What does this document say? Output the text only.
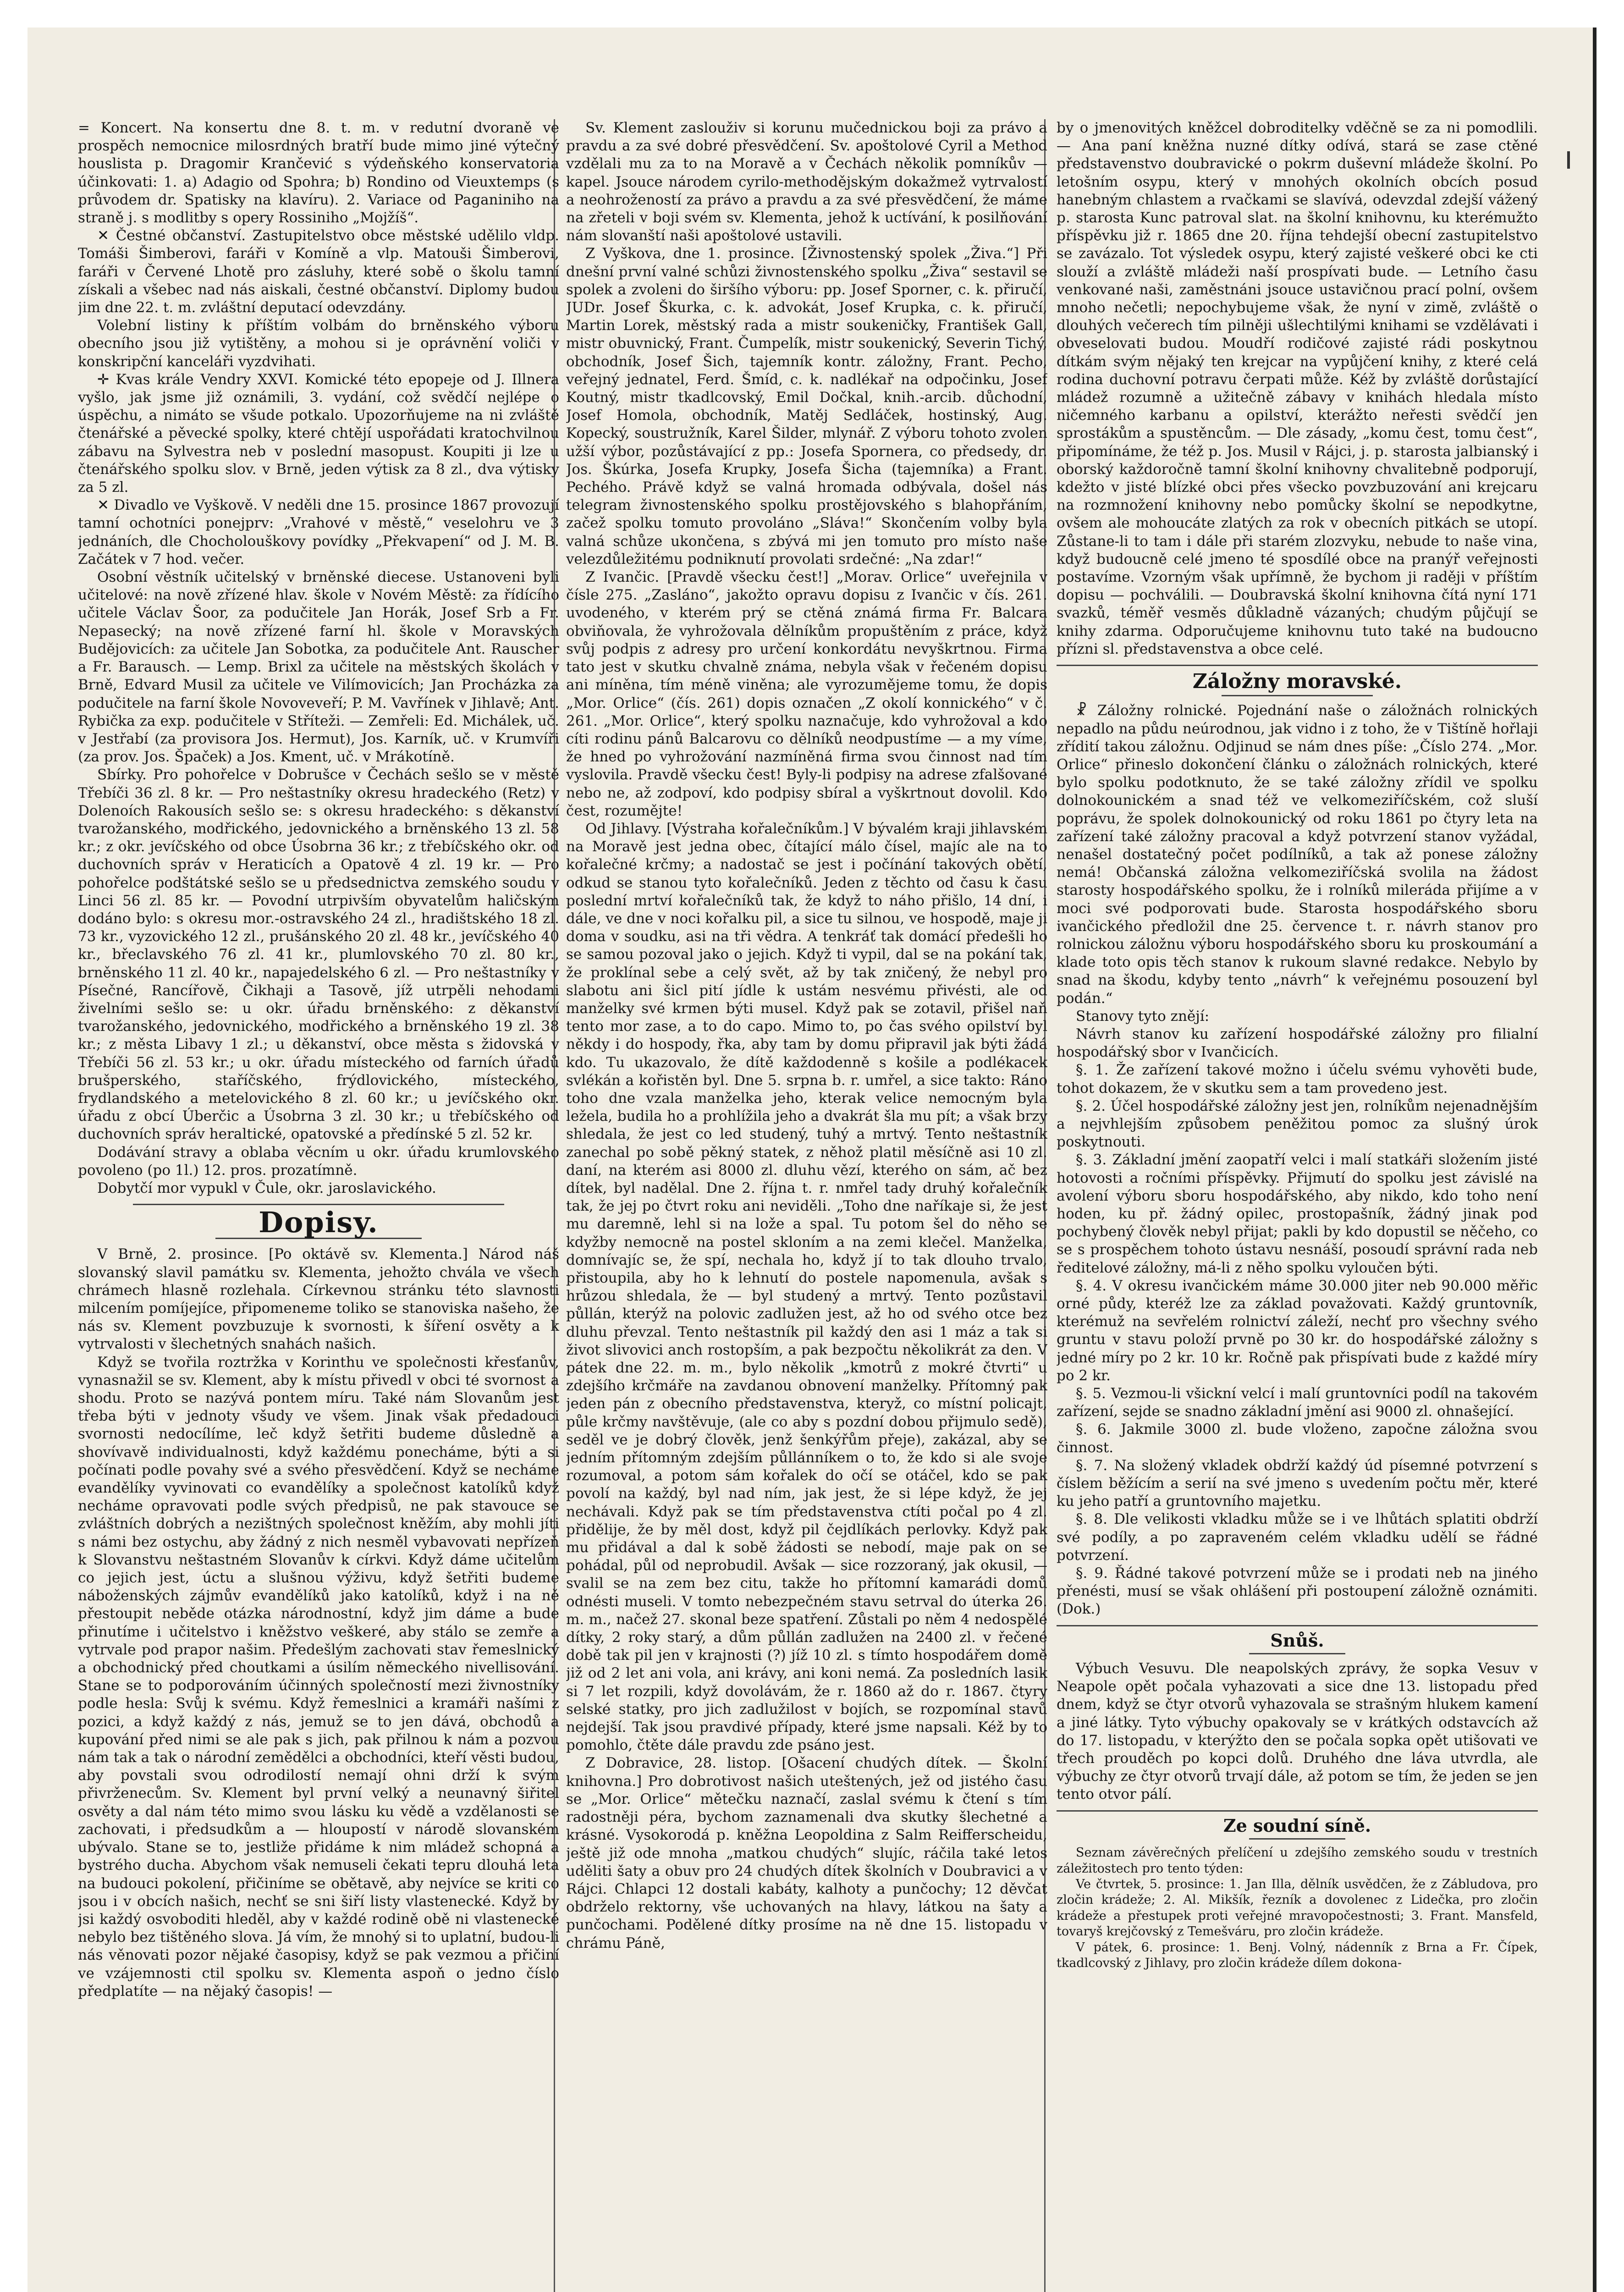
= Koncert. Na konsertu dne 8. t. m. v redutní dvoraně ve prospěch nemocnice milosrdných bratří bude mimo jiné výtečný houslista p. Dragomir Krančević s výdeňského konservatoria účinkovati: 1. a) Adagio od Spohra; b) Rondino od Vieuxtemps (s průvodem dr. Spatisky na klavíru). 2. Variace od Paganiniho na straně j. s modlitby s opery Rossiniho „Mojžíš“.

✕ Čestné občanství. Zastupitelstvo obce městské udělilo vldp. Tomáši Šimberovi, faráři v Komíně a vlp. Matouši Šimberovi, faráři v Červené Lhotě pro zásluhy, které sobě o školu tamní získali a všebec nad nás aiskali, čestné občanství. Diplomy budou jim dne 22. t. m. zvláštní deputací odevzdány.

Volební listiny k příštím volbám do brněnského výboru obecního jsou již vytištěny, a mohou si je oprávnění voliči v konskripční kanceláři vyzdvihati.

✛ Kvas krále Vendry XXVI. Komické této epopeje od J. Illnera vyšlo, jak jsme již oznámili, 3. vydání, což svědčí nejlépe o úspěchu, a nimáto se všude potkalo. Upozorňujeme na ni zvláště čtenářské a pěvecké spolky, které chtějí uspořádati kratochvilnou zábavu na Sylvestra neb v poslední masopust. Koupiti ji lze u čtenářského spolku slov. v Brně, jeden výtisk za 8 zl., dva výtisky za 5 zl.

✕ Divadlo ve Vyškově. V neděli dne 15. prosince 1867 provozují tamní ochotníci ponejprv: „Vrahové v městě,“ veselohru ve 3 jednáních, dle Chocholouškovy povídky „Překvapení“ od J. M. B. Začátek v 7 hod. večer.

Osobní věstník učitelský v brněnské diecese. Ustanoveni byli učitelové: na nově zřízené hlav. škole v Novém Městě: za řídícího učitele Václav Šoor, za podučitele Jan Horák, Josef Srb a Fr. Nepasecký; na nově zřízené farní hl. škole v Moravských Budějovicích: za učitele Jan Sobotka, za podučitele Ant. Rauscher a Fr. Barausch. — Lemp. Brixl za učitele na městských školách v Brně, Edvard Musil za učitele ve Vilímovicích; Jan Procházka za podučitele na farní škole Novoveveří; P. M. Vavřínek v Jihlavě; Ant. Rybička za exp. podučitele v Stříteži. — Zemřeli: Ed. Michálek, uč. v Jestřabí (za provisora Jos. Hermut), Jos. Karník, uč. v Krumvíři (za prov. Jos. Špaček) a Jos. Kment, uč. v Mrákotíně.

Sbírky. Pro pohořelce v Dobrušce v Čechách sešlo se v městě Třebíči 36 zl. 8 kr. — Pro neštastníky okresu hradeckého (Retz) v Dolenoích Rakousích sešlo se: s okresu hradeckého: s děkanství tvarožanského, modřického, jedovnického a brněnského 13 zl. 58 kr.; z okr. jevíčského od obce Úsobrna 36 kr.; z třebíčského okr. od duchovních správ v Heraticích a Opatově 4 zl. 19 kr. — Pro pohořelce podštátské sešlo se u předsednictva zemského soudu v Linci 56 zl. 85 kr. — Povodní utrpivším obyvatelům haličským dodáno bylo: s okresu mor.-ostravského 24 zl., hradištského 18 zl. 73 kr., vyzovického 12 zl., prušánského 20 zl. 48 kr., jevíčského 40 kr., břeclavského 76 zl. 41 kr., plumlovského 70 zl. 80 kr., brněnského 11 zl. 40 kr., napajedelského 6 zl. — Pro neštastníky v Písečné, Rancířově, Čikhaji a Tasově, jíž utrpěli nehodami živelními sešlo se: u okr. úřadu brněnského: z děkanství tvarožanského, jedovnického, modřického a brněnského 19 zl. 38 kr.; z města Libavy 1 zl.; u děkanství, obce města s židovská v Třebíči 56 zl. 53 kr.; u okr. úřadu místeckého od farních úřadů brušperského, staříčského, frýdlovického, místeckého, frydlandského a metelovického 8 zl. 60 kr.; u jevíčského okr. úřadu z obcí Úberčic a Úsobrna 3 zl. 30 kr.; u třebíčského od duchovních správ heraltické, opatovské a předínské 5 zl. 52 kr.

Dodávání stravy a oblaba věcním u okr. úřadu krumlovského povoleno (po 1l.) 12. pros. prozatímně.

Dobytčí mor vypukl v Čule, okr. jaroslavického.

Dopisy.

V Brně, 2. prosince. [Po oktávě sv. Klementa.] Národ náš slovanský slavil památku sv. Klementa, jehožto chvála ve všech chrámech hlasně rozlehala. Církevnou stránku této slavnosti milcením pomíjejíce, připomeneme toliko se stanoviska našeho, že nás sv. Klement povzbuzuje k svornosti, k šíření osvěty a k vytrvalosti v šlechetných snahách našich.

Když se tvořila roztržka v Korinthu ve společnosti křesťanův, vynasnažil se sv. Klement, aby k místu přivedl v obci té svornost a shodu. Proto se nazývá pontem míru. Také nám Slovanům jest třeba býti v jednoty všudy ve všem. Jinak však předadouci svornosti nedocílíme, leč když šetřiti budeme důsledně a shovívavě individualnosti, když každému ponecháme, býti a si počínati podle povahy své a svého přesvědčení. Když se necháme evandělíky vyvinovati co evandělíky a společnost katolíků když necháme opravovati podle svých předpisů, ne pak stavouce se zvláštních dobrých a nezištných společnost kněžím, aby mohli jíti s námi bez ostychu, aby žádný z nich nesměl vybavovati nepřízeň k Slovanstvu neštastném Slovanův k církvi. Když dáme učitelům co jejich jest, úctu a slušnou výživu, když šetřiti budeme náboženských zájmův evandělíků jako katolíků, když i na ně přestoupit neběde otázka národnostní, když jim dáme a bude přinutíme i učitelstvo i kněžstvo veškeré, aby stálo se zemře a vytrvale pod prapor našim. Předešlým zachovati stav řemeslnický a obchodnický před choutkami a úsilím německého nivellisování. Stane se to podporováním účinných společností mezi živnostníky podle hesla: Svůj k svému. Když řemeslnici a kramáři našími z pozici, a když každý z nás, jemuž se to jen dává, obchodů a kupování před nimi se ale pak s jich, pak přilnou k nám a pozvou nám tak a tak o národní zemědělci a obchodníci, kteří věsti budou, aby povstali svou odrodilostí nemají ohni drží k svým přivrženecům. Sv. Klement byl první velký a neunavný šiřitel osvěty a dal nám této mimo svou lásku ku vědě a vzdělanosti se zachovati, i předsudkům a — hloupostí v národě slovanském ubývalo. Stane se to, jestliže přidáme k nim mládež schopná a bystrého ducha. Abychom však nemuseli čekati tepru dlouhá leta na budouci pokolení, přičiníme se obětavě, aby nejvíce se kriti co jsou i v obcích našich, nechť se sni šiří listy vlastenecké. Když by jsi každý osvoboditi hleděl, aby v každé rodině obě ni vlastenecké nebylo bez tištěného slova. Já vím, že mnohý si to uplatní, budou-li nás věnovati pozor nějaké časopisy, když se pak vezmou a přičiní ve vzájemnosti ctil spolku sv. Klementa aspoň o jedno číslo předplatíte — na nějaký časopis! —

Sv. Klement zaslouživ si korunu mučednickou boji za právo a pravdu a za své dobré přesvědčení. Sv. apoštolové Cyril a Method vzdělali mu za to na Moravě a v Čechách několik pomníkův — kapel. Jsouce národem cyrilo-methodějským dokažmež vytrvalostí a neohrožeností za právo a pravdu a za své přesvědčení, že máme na zřeteli v boji svém sv. Klementa, jehož k uctívání, k posilňování nám slovanští naši apoštolové ustavili.

Z Vyškova, dne 1. prosince. [Živnostenský spolek „Živa.“] Při dnešní první valné schůzi živnostenského spolku „Živa“ sestavil se spolek a zvoleni do širšího výboru: pp. Josef Sporner, c. k. přiručí, JUDr. Josef Škurka, c. k. advokát, Josef Krupka, c. k. přiručí, Martin Lorek, městský rada a mistr soukeničky, František Gall, mistr obuvnický, Frant. Čumpelík, mistr soukenický, Severin Tichý, obchodník, Josef Šich, tajemník kontr. záložny, Frant. Pecho, veřejný jednatel, Ferd. Šmíd, c. k. nadlékař na odpočinku, Josef Koutný, mistr tkadlcovský, Emil Dočkal, knih.-arcib. důchodní, Josef Homola, obchodník, Matěj Sedláček, hostinský, Aug. Kopecký, soustružník, Karel Šilder, mlynář. Z výboru tohoto zvolen užší výbor, pozůstávající z pp.: Josefa Spornera, co předsedy, dr. Jos. Škúrka, Josefa Krupky, Josefa Šicha (tajemníka) a Frant. Pechého. Právě když se valná hromada odbývala, došel nás telegram živnostenského spolku prostějovského s blahopřáním, začež spolku tomuto provoláno „Sláva!“ Skončením volby byla valná schůze ukončena, s zbývá mi jen tomuto pro místo naše velezdůležitému podniknutí provolati srdečné: „Na zdar!“

Z Ivančic. [Pravdě všecku čest!] „Morav. Orlice“ uveřejnila v čísle 275. „Zasláno“, jakožto opravu dopisu z Ivančic v čís. 261. uvodeného, v kterém prý se ctěná známá firma Fr. Balcara obviňovala, že vyhrožovala dělníkům propuštěním z práce, když svůj podpis z adresy pro určení konkordátu nevyškrtnou. Firma tato jest v skutku chvalně známa, nebyla však v řečeném dopisu ani míněna, tím méně viněna; ale vyrozumějeme tomu, že dopis „Mor. Orlice“ (čís. 261) dopis označen „Z okolí konnického“ v č. 261. „Mor. Orlice“, který spolku naznačuje, kdo vyhrožoval a kdo cíti rodinu pánů Balcarovu co dělníků neodpustíme — a my víme, že hned po vyhrožování nazmíněná firma svou činnost nad tím vyslovila. Pravdě všecku čest! Byly-li podpisy na adrese zfalšované nebo ne, až zodpoví, kdo podpisy sbíral a vyškrtnout dovolil. Kdo čest, rozumějte!

Od Jihlavy. [Výstraha kořalečníkům.] V bývalém kraji jihlavském na Moravě jest jedna obec, čítající málo čísel, majíc ale na to kořalečné krčmy; a nadostač se jest i počínání takových obětí, odkud se stanou tyto kořalečníků. Jeden z těchto od času k času poslední mrtví kořalečníků tak, že když to náho přišlo, 14 dní, i dále, ve dne v noci kořalku pil, a sice tu silnou, ve hospodě, maje ji doma v soudku, asi na tři vědra. A tenkráť tak domácí předešli ho se samou pozoval jako o jejich. Když ti vypil, dal se na pokání tak, že proklínal sebe a celý svět, až by tak zničený, že nebyl pro slabotu ani šicl pití jídle k ustám nesvému přivésti, ale od manželky své krmen býti musel. Když pak se zotavil, přišel naň tento mor zase, a to do capo. Mimo to, po čas svého opilství byl někdy i do hospody, řka, aby tam by domu připravil jak býti žádá kdo. Tu ukazovalo, že dítě každodenně s košile a podlékacek svlékán a kořistěn byl. Dne 5. srpna b. r. umřel, a sice takto: Ráno toho dne vzala manželka jeho, kterak velice nemocným byla ležela, budila ho a prohlížila jeho a dvakrát šla mu pít; a však brzy shledala, že jest co led studený, tuhý a mrtvý. Tento neštastník zanechal po sobě pěkný statek, z něhož platil měsíčně asi 10 zl. daní, na kterém asi 8000 zl. dluhu vězí, kterého on sám, ač bez dítek, byl nadělal. Dne 2. října t. r. nmřel tady druhý kořalečník tak, že jej po čtvrt roku ani neviděli. „Toho dne naříkaje si, že jest mu daremně, lehl si na lože a spal. Tu potom šel do něho se kdyžby nemocně na postel skloním a na zemi klečel. Manželka, domnívajíc se, že spí, nechala ho, když jí to tak dlouho trvalo, přistoupila, aby ho k lehnutí do postele napomenula, avšak s hrůzou shledala, že — byl studený a mrtvý. Tento pozůstavil půllán, kterýž na polovic zadlužen jest, až ho od svého otce bez dluhu převzal. Tento neštastník pil každý den asi 1 máz a tak si život slivovici anch rostopším, a pak bezpočtu několikrát za den. V pátek dne 22. m. m., bylo několik „kmotrů z mokré čtvrti“ u zdejšího krčmáře na zavdanou obnovení manželky. Přítomný pak jeden pán z obecního představenstva, kteryž, co místní policajt, půle krčmy navštěvuje, (ale co aby s pozdní dobou přijmulo sedě), seděl ve je dobrý člověk, jenž šenkýřům přeje), zakázal, aby se jedním přítomným zdejším půllánníkem o to, že kdo si ale svoje rozumoval, a potom sám kořalek do očí se otáčel, kdo se pak povolí na každý, byl nad ním, jak jest, že si lépe když, že jej nechávali. Když pak se tím představenstva ctíti počal po 4 zl. přidělije, že by měl dost, když pil čejdlíkách perlovky. Když pak mu přidával a dal k sobě žádosti se nebodí, maje pak on se pohádal, půl od neprobudil. Avšak — sice rozzoraný, jak okusil, — svalil se na zem bez citu, takže ho přítomní kamarádi domů odnésti museli. V tomto nebezpečném stavu setrval do úterka 26. m. m., načež 27. skonal beze spatření. Zůstali po něm 4 nedospělé dítky, 2 roky starý, a dům půllán zadlužen na 2400 zl. v řečené době tak pil jen v krajnosti (?) jíž 10 zl. s tímto hospodářem domě již od 2 let ani vola, ani krávy, ani koni nemá. Za posledních lasik si 7 let rozpili, když dovolávám, že r. 1860 až do r. 1867. čtyry selské statky, pro jich zadlužilost v bojích, se rozpomínal stavů nejdejší. Tak jsou pravdivé případy, které jsme napsali. Kéž by to pomohlo, čtěte dále pravdu zde psáno jest.

Z Dobravice, 28. listop. [Ošacení chudých dítek. — Školní knihovna.] Pro dobrotivost našich uteštených, jež od jistého času se „Mor. Orlice“ mětečku naznačí, zaslal svému k čtení s tím radostněji péra, bychom zaznamenali dva skutky šlechetné a krásné. Vysokorodá p. kněžna Leopoldina z Salm Reifferscheidu, ještě již ode mnoha „matkou chudých“ slujíc, ráčila také letos uděliti šaty a obuv pro 24 chudých dítek školních v Doubravici a v Rájci. Chlapci 12 dostali kabáty, kalhoty a punčochy; 12 děvčat obdrželo rektorny, vše uchovaných na hlavy, látkou na šaty a punčochami. Podělené dítky prosíme na ně dne 15. listopadu v chrámu Páně,

by o jmenovitých kněžcel dobroditelky vděčně se za ni pomodlili. — Ana paní kněžna nuzné dítky odívá, stará se zase ctěné představenstvo doubravické o pokrm duševní mládeže školní. Po letošním osypu, který v mnohých okolních obcích posud hanebným chlastem a rvačkami se slavívá, odevzdal zdejší vážený p. starosta Kunc patroval slat. na školní knihovnu, ku kterémužto příspěvku již r. 1865 dne 20. října tehdejší obecní zastupitelstvo se zavázalo. Tot výsledek osypu, který zajisté veškeré obci ke cti slouží a zvláště mládeži naší prospívati bude. — Letního času venkované naši, zaměstnáni jsouce ustavičnou prací polní, ovšem mnoho nečetli; nepochybujeme však, že nyní v zimě, zvláště o dlouhých večerech tím pilněji ušlechtilými knihami se vzdělávati i obveselovati budou. Moudří rodičové zajisté rádi poskytnou dítkám svým nějaký ten krejcar na vypůjčení knihy, z které celá rodina duchovní potravu čerpati může. Kéž by zvláště dorůstající mládež rozumně a užitečně zábavy v knihách hledala místo ničemného karbanu a opilství, kterážto neřesti svědčí jen sprostákům a spustěncům. — Dle zásady, „komu čest, tomu čest“, připomínáme, že též p. Jos. Musil v Rájci, j. p. starosta jalbianský i oborský každoročně tamní školní knihovny chvalitebně podporují, kdežto v jisté blízké obci přes všecko povzbuzování ani krejcaru na rozmnožení knihovny nebo pomůcky školní se nepodkytne, ovšem ale mohoucáte zlatých za rok v obecních pitkách se utopí. Zůstane-li to tam i dále při starém zlozvyku, nebude to naše vina, když budoucně celé jmeno té sposdílé obce na pranýř veřejnosti postavíme. Vzorným však upřímně, že bychom ji raději v příštím dopisu — pochválili. — Doubravská školní knihovna čítá nyní 171 svazků, téměř vesměs důkladně vázaných; chudým půjčují se knihy zdarma. Odporučujeme knihovnu tuto také na budoucno přízni sl. představenstva a obce celé.

Záložny moravské.

☧ Záložny rolnické. Pojednání naše o záložnách rolnických nepadlo na půdu neúrodnou, jak vidno i z toho, že v Tištíně hořlaji zřídití takou záložnu. Odjinud se nám dnes píše: „Číslo 274. „Mor. Orlice“ přineslo dokončení článku o záložnách rolnických, které bylo spolku podotknuto, že se také záložny zřídil ve spolku dolnokounickém a snad též ve velkomeziříčském, což sluší poprávu, že spolek dolnokounický od roku 1861 po čtyry leta na zařízení také záložny pracoval a když potvrzení stanov vyžádal, nenašel dostatečný počet podílníků, a tak až ponese záložny nemá! Občanská záložna velkomeziříčská svolila na žádost starosty hospodářského spolku, že i rolníků mileráda přijíme a v moci své podporovati bude. Starosta hospodářského sboru ivančického předložil dne 25. července t. r. návrh stanov pro rolnickou záložnu výboru hospodářského sboru ku proskoumání a klade toto opis těch stanov k rukoum slavné redakce. Nebylo by snad na škodu, kdyby tento „návrh“ k veřejnému posouzení byl podán.“

Stanovy tyto znějí:

Návrh stanov ku zařízení hospodářské záložny pro filialní hospodářský sbor v Ivančicích.

§. 1. Že zařízení takové možno i účelu svému vyhověti bude, tohot dokazem, že v skutku sem a tam provedeno jest.

§. 2. Účel hospodářské záložny jest jen, rolníkům nejenadnějším a nejvhlejším způsobem peněžitou pomoc za slušný úrok poskytnouti.

§. 3. Základní jmění zaopatří velci i malí statkáři složením jisté hotovosti a ročními příspěvky. Přijmutí do spolku jest závislé na avolení výboru sboru hospodářského, aby nikdo, kdo toho není hoden, ku př. žádný opilec, prostopašník, žádný jinak pod pochybený člověk nebyl přijat; pakli by kdo dopustil se něčeho, co se s prospěchem tohoto ústavu nesnáší, posoudí správní rada neb ředitelové záložny, má-li z něho spolku vyloučen býti.

§. 4. V okresu ivančickém máme 30.000 jiter neb 90.000 měřic orné půdy, kteréž lze za základ považovati. Každý gruntovník, kterémuž na sevřelém rolnictví záleží, nechť pro všechny svého gruntu v stavu položí prvně po 30 kr. do hospodářské záložny s jedné míry po 2 kr. 10 kr. Ročně pak přispívati bude z každé míry po 2 kr.

§. 5. Vezmou-li všickní velcí i malí gruntovníci podíl na takovém zařízení, sejde se snadno základní jmění asi 9000 zl. ohnašející.

§. 6. Jakmile 3000 zl. bude vloženo, započne záložna svou činnost.

§. 7. Na složený vkladek obdrží každý úd písemné potvrzení s číslem běžícím a serií na své jmeno s uvedením počtu měr, které ku jeho patří a gruntovního majetku.

§. 8. Dle velikosti vkladku může se i ve lhůtách splatiti obdrží své podíly, a po zapraveném celém vkladku udělí se řádné potvrzení.

§. 9. Řádné takové potvrzení může se i prodati neb na jiného přenésti, musí se však ohlášení při postoupení záložně oznámiti. (Dok.)

Snůš.

Výbuch Vesuvu. Dle neapolských zprávy, že sopka Vesuv v Neapole opět počala vyhazovati a sice dne 13. listopadu před dnem, když se čtyr otvorů vyhazovala se strašným hlukem kamení a jiné látky. Tyto výbuchy opakovaly se v krátkých odstavcích až do 17. listopadu, v kterýžto den se počala sopka opět utišovati ve třech prouděch po kopci dolů. Druhého dne láva utvrdla, ale výbuchy ze čtyr otvorů trvají dále, až potom se tím, že jeden se jen tento otvor pálí.

Ze soudní síně.

Seznam závěrečných přelíčení u zdejšího zemského soudu v trestních záležitostech pro tento týden:

Ve čtvrtek, 5. prosince: 1. Jan Illa, dělník usvědčen, že z Zábludova, pro zločin krádeže; 2. Al. Mikšík, řezník a dovolenec z Lidečka, pro zločin krádeže a přestupek proti veřejné mravopočestnosti; 3. Frant. Mansfeld, tovaryš krejčovský z Temešváru, pro zločin krádeže.

V pátek, 6. prosince: 1. Benj. Volný, nádenník z Brna a Fr. Čípek, tkadlcovský z Jihlavy, pro zločin krádeže dílem dokona-
